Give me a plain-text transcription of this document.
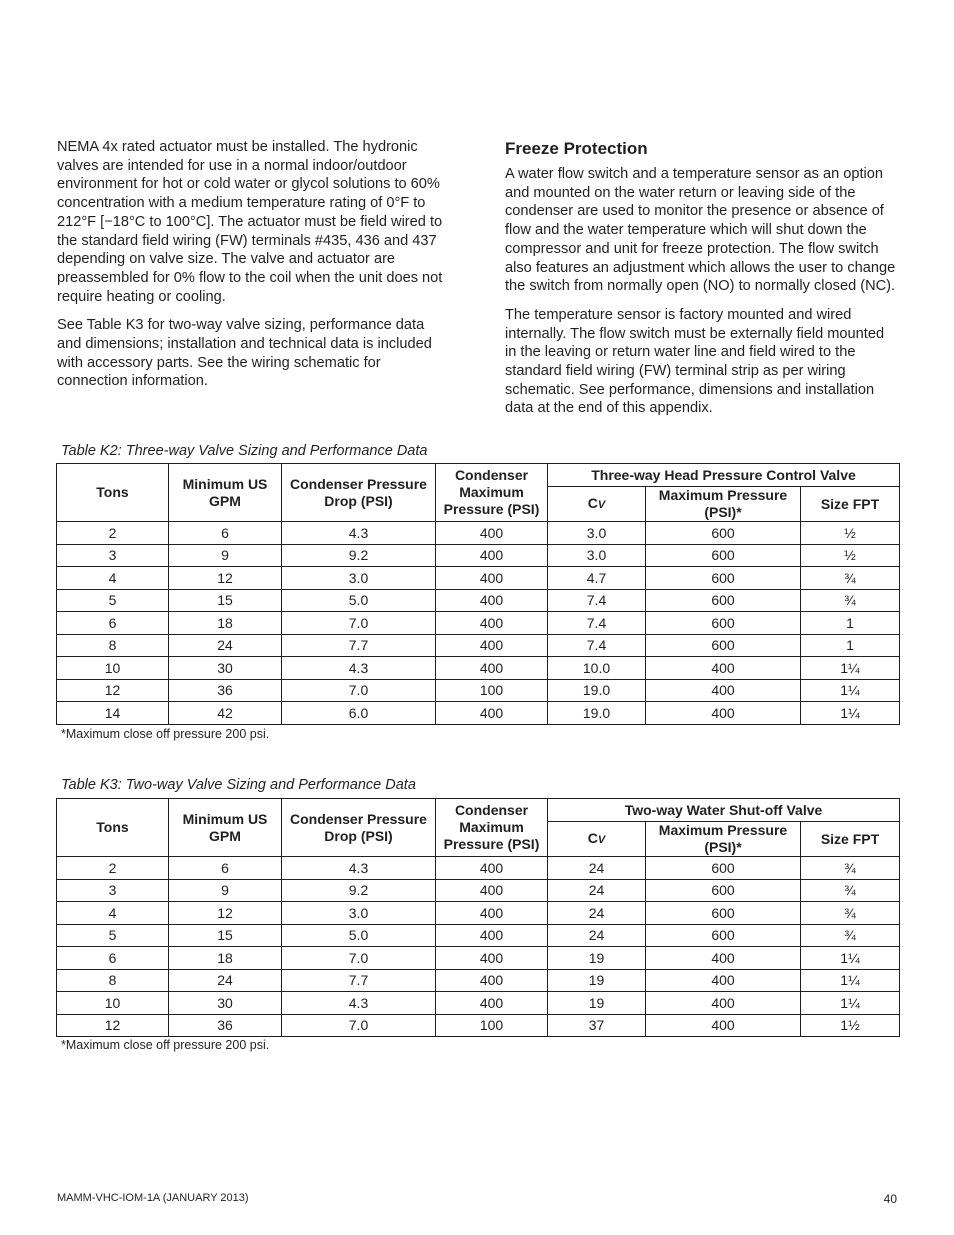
NEMA 4x rated actuator must be installed. The hydronic valves are intended for use in a normal indoor/outdoor environment for hot or cold water or glycol solutions to 60% concentration with a medium temperature rating of 0°F to 212°F [−18°C to 100°C]. The actuator must be field wired to the standard field wiring (FW) terminals #435, 436 and 437 depending on valve size. The valve and actuator are preassembled for 0% flow to the coil when the unit does not require heating or cooling.

See Table K3 for two-way valve sizing, performance data and dimensions; installation and technical data is included with accessory parts. See the wiring schematic for connection information.

Freeze Protection

A water flow switch and a temperature sensor as an option and mounted on the water return or leaving side of the condenser are used to monitor the presence or absence of flow and the water temperature which will shut down the compressor and unit for freeze protection. The flow switch also features an adjustment which allows the user to change the switch from normally open (NO) to normally closed (NC).

The temperature sensor is factory mounted and wired internally. The flow switch must be externally field mounted in the leaving or return water line and field wired to the standard field wiring (FW) terminal strip as per wiring schematic. See performance, dimensions and installation data at the end of this appendix.

Table K2: Three-way Valve Sizing and Performance Data
Tons	Minimum US GPM	Condenser Pressure Drop (PSI)	Condenser Maximum Pressure (PSI)	Three-way Head Pressure Control Valve		
				CV	Maximum Pressure (PSI)*	Size FPT
2	6	4.3	400	3.0	600	½
3	9	9.2	400	3.0	600	½
4	12	3.0	400	4.7	600	¾
5	15	5.0	400	7.4	600	¾
6	18	7.0	400	7.4	600	1
8	24	7.7	400	7.4	600	1
10	30	4.3	400	10.0	400	1¼
12	36	7.0	100	19.0	400	1¼
14	42	6.0	400	19.0	400	1¼
*Maximum close off pressure 200 psi.
Table K3: Two-way Valve Sizing and Performance Data
Tons	Minimum US GPM	Condenser Pressure Drop (PSI)	Condenser Maximum Pressure (PSI)	Two-way Water Shut-off Valve		
				CV	Maximum Pressure (PSI)*	Size FPT
2	6	4.3	400	24	600	¾
3	9	9.2	400	24	600	¾
4	12	3.0	400	24	600	¾
5	15	5.0	400	24	600	¾
6	18	7.0	400	19	400	1¼
8	24	7.7	400	19	400	1¼
10	30	4.3	400	19	400	1¼
12	36	7.0	100	37	400	1½
*Maximum close off pressure 200 psi.
MAMM-VHC-IOM-1A (JANUARY 2013)	40
